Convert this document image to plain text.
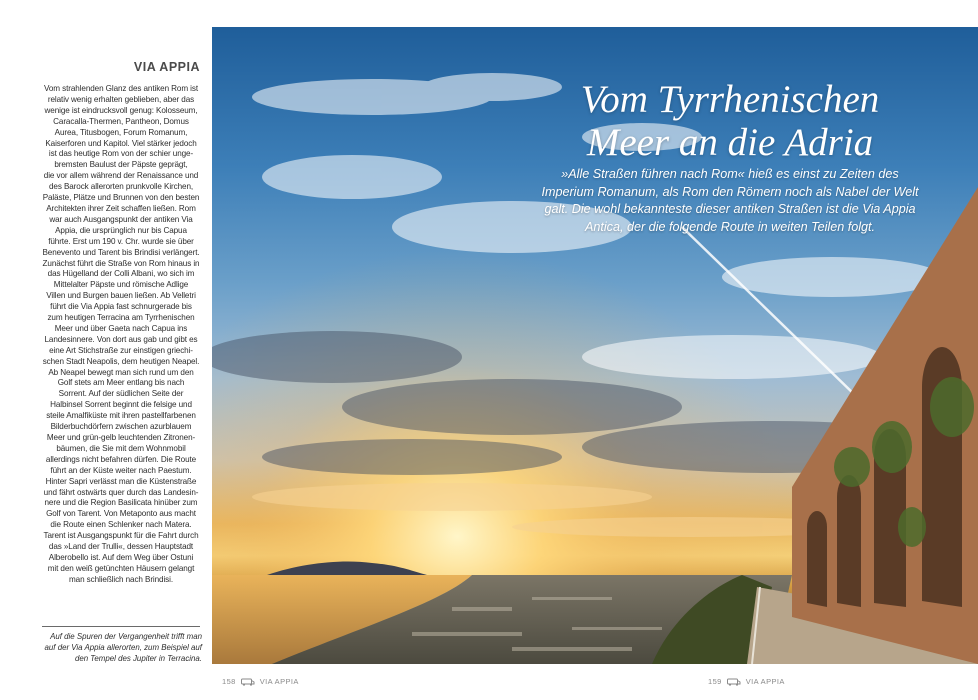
VIA APPIA
Vom strahlenden Glanz des antiken Rom ist
relativ wenig erhalten geblieben, aber das
wenige ist eindrucksvoll genug: Kolosseum,
Caracalla-Thermen, Pantheon, Domus
Aurea, Titusbogen, Forum Romanum,
Kaiserforen und Kapitol. Viel stärker jedoch
ist das heutige Rom von der schier unge-
bremsten Baulust der Päpste geprägt,
die vor allem während der Renaissance und
des Barock allerorten prunkvolle Kirchen,
Paläste, Plätze und Brunnen von den besten
Architekten ihrer Zeit schaffen ließen. Rom
war auch Ausgangspunkt der antiken Via
Appia, die ursprünglich nur bis Capua
führte. Erst um 190 v. Chr. wurde sie über
Benevento und Tarent bis Brindisi verlängert.
Zunächst führt die Straße von Rom hinaus in
das Hügelland der Colli Albani, wo sich im
Mittelalter Päpste und römische Adlige
Villen und Burgen bauen ließen. Ab Velletri
führt die Via Appia fast schnurgerade bis
zum heutigen Terracina am Tyrrhenischen
Meer und über Gaeta nach Capua ins
Landesinnere. Von dort aus gab und gibt es
eine Art Stichstraße zur einstigen griechi-
schen Stadt Neapolis, dem heutigen Neapel.
Ab Neapel bewegt man sich rund um den
Golf stets am Meer entlang bis nach
Sorrent. Auf der südlichen Seite der
Halbinsel Sorrent beginnt die felsige und
steile Amalfiküste mit ihren pastellfarbenen
Bilderbuchdörfern zwischen azurblauem
Meer und grün-gelb leuchtenden Zitronen-
bäumen, die Sie mit dem Wohnmobil
allerdings nicht befahren dürfen. Die Route
führt an der Küste weiter nach Paestum.
Hinter Sapri verlässt man die Küstenstraße
und fährt ostwärts quer durch das Landesin-
nere und die Region Basilicata hinüber zum
Golf von Tarent. Von Metaponto aus macht
die Route einen Schlenker nach Matera.
Tarent ist Ausgangspunkt für die Fahrt durch
das »Land der Trulli«, dessen Hauptstadt
Alberobello ist. Auf dem Weg über Ostuni
mit den weiß getünchten Häusern gelangt
man schließlich nach Brindisi.
Auf die Spuren der Vergangenheit trifft man
auf der Via Appia allerorten, zum Beispiel auf
den Tempel des Jupiter in Terracina.
Vom Tyrrhenischen
Meer an die Adria
»Alle Straßen führen nach Rom« hieß es einst zu Zeiten des
Imperium Romanum, als Rom den Römern noch als Nabel der Welt
galt. Die wohl bekannteste dieser antiken Straßen ist die Via Appia
Antica, der die folgende Route in weiten Teilen folgt.
158	VIA APPIA	159	VIA APPIA
